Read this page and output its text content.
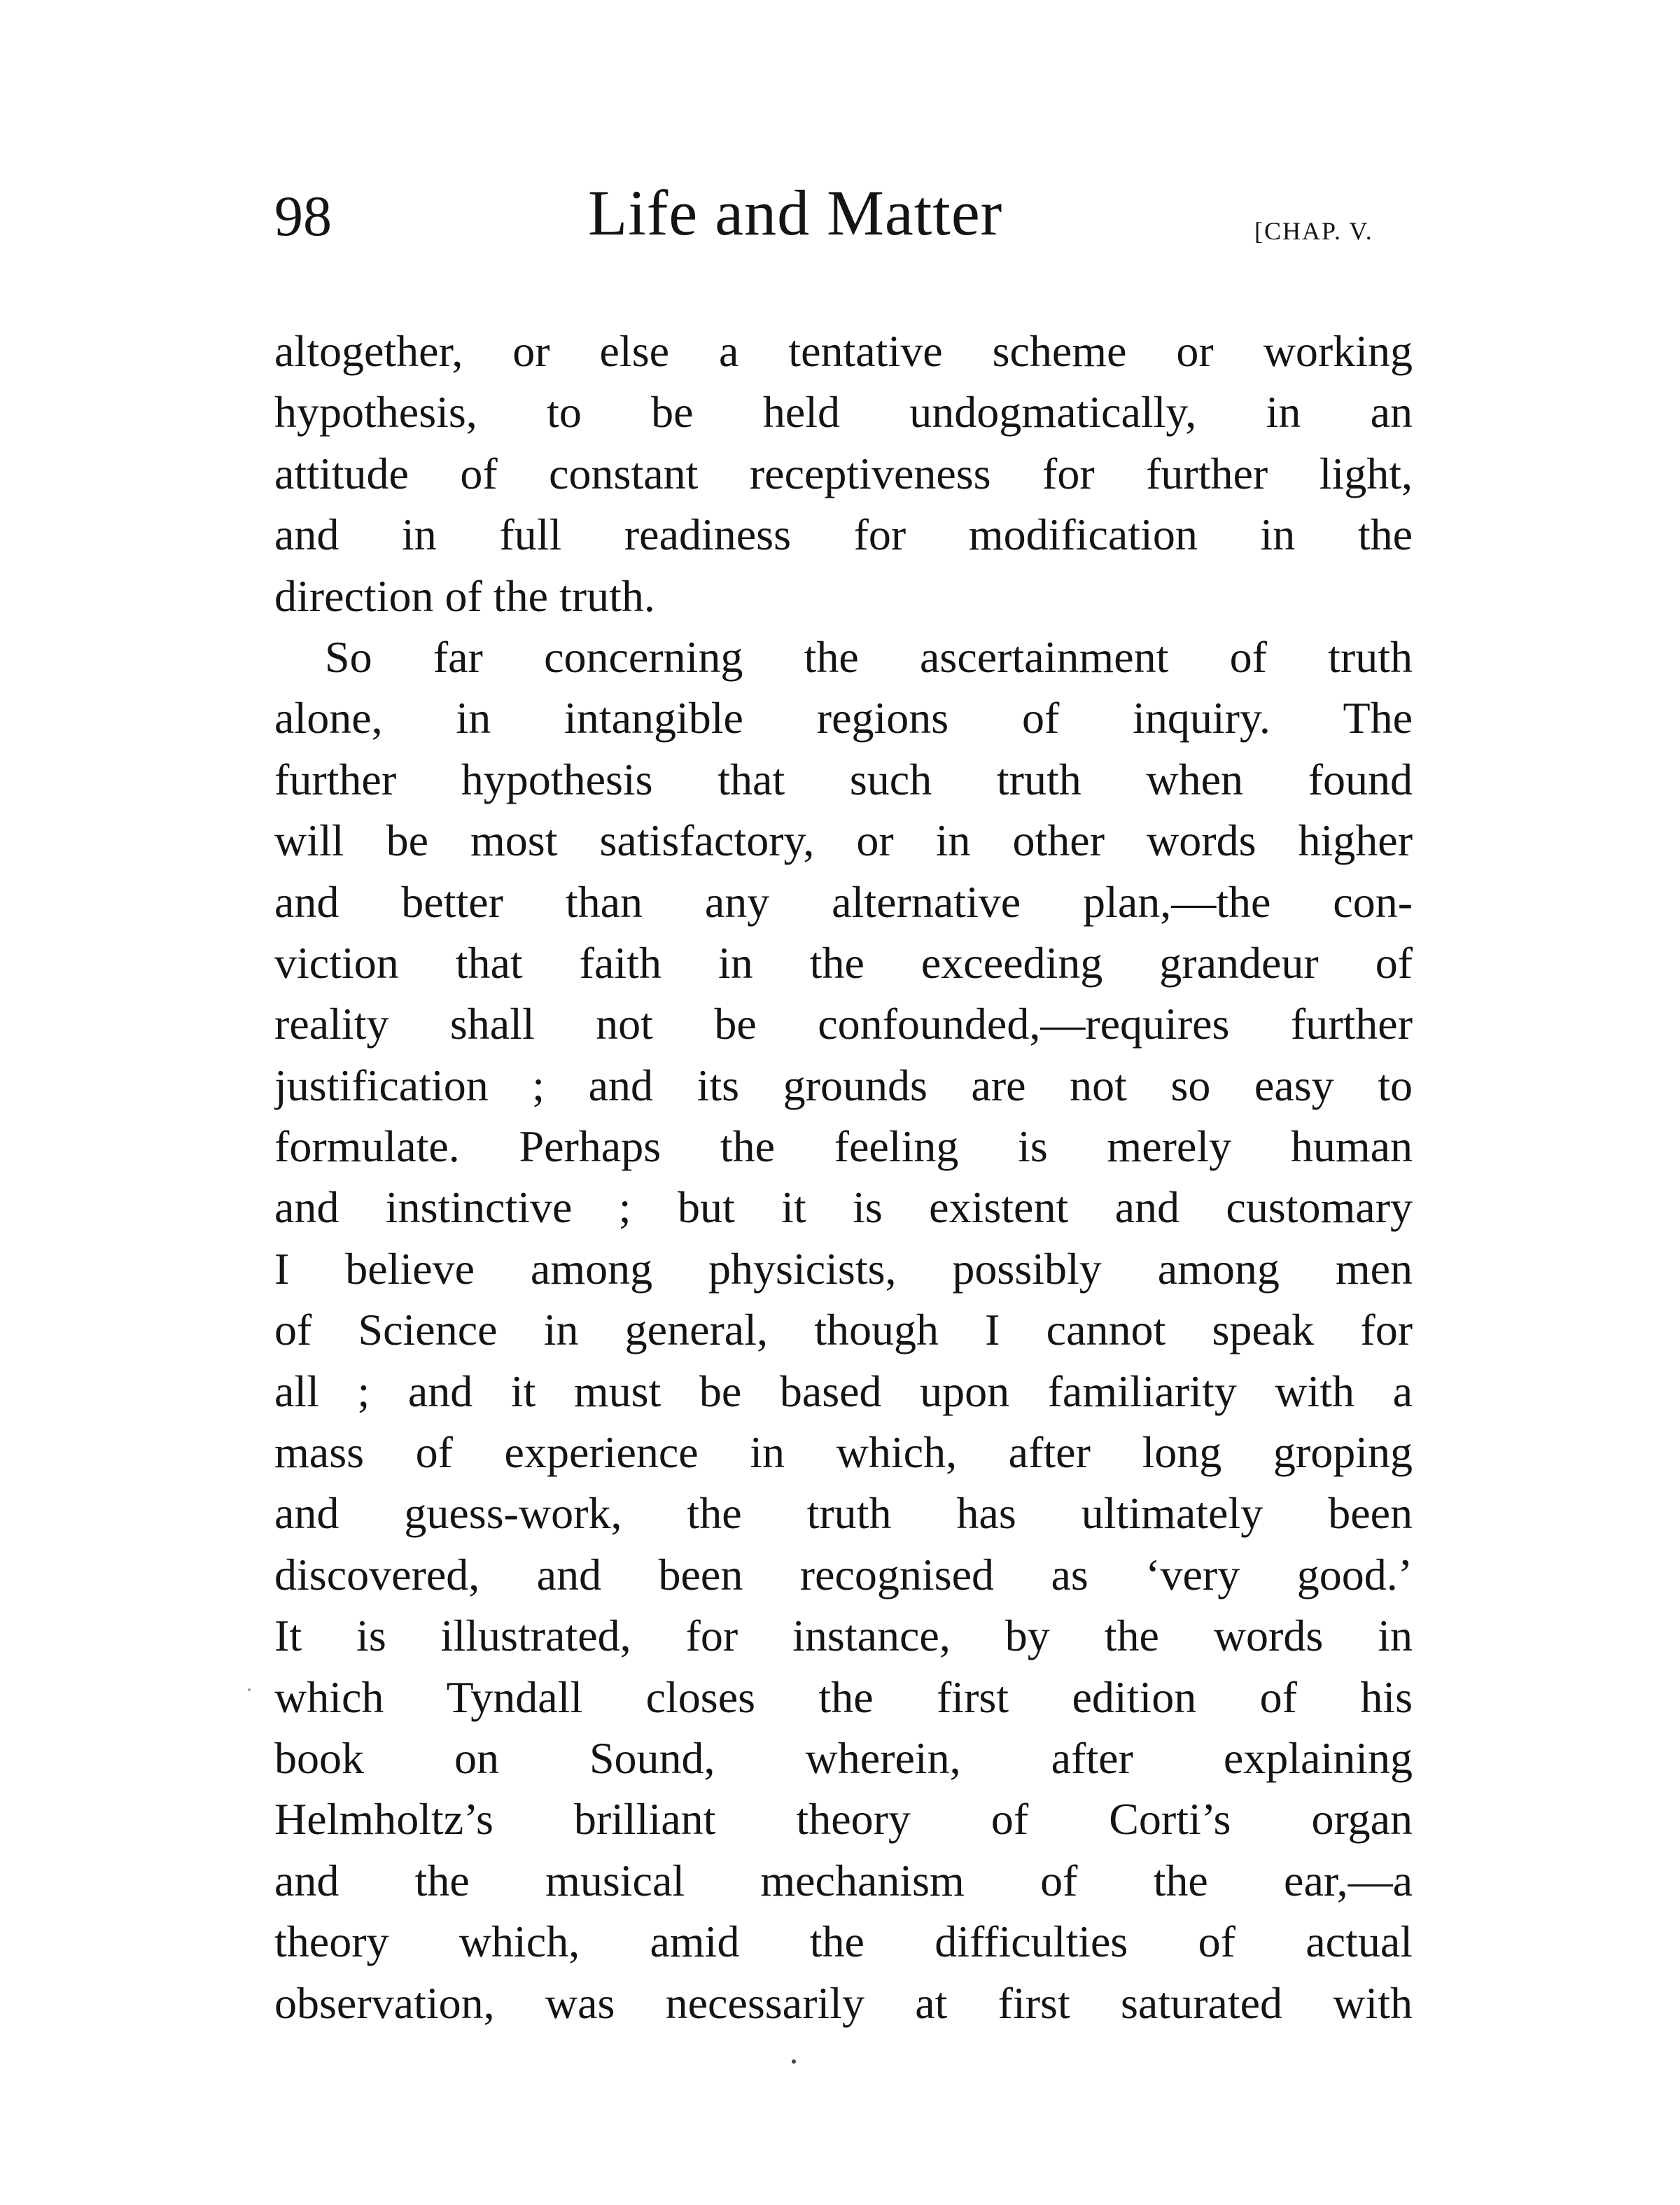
98	Life and Matter	[CHAP. V.
altogether, or else a tentative scheme or working
hypothesis, to be held undogmatically, in an
attitude of constant receptiveness for further light,
and in full readiness for modification in the
direction of the truth.
So far concerning the ascertainment of truth
alone, in intangible regions of inquiry. The
further hypothesis that such truth when found
will be most satisfactory, or in other words higher
and better than any alternative plan,—the con-
viction that faith in the exceeding grandeur of
reality shall not be confounded,—requires further
justification ; and its grounds are not so easy to
formulate. Perhaps the feeling is merely human
and instinctive ; but it is existent and customary
I believe among physicists, possibly among men
of Science in general, though I cannot speak for
all ; and it must be based upon familiarity with a
mass of experience in which, after long groping
and guess-work, the truth has ultimately been
discovered, and been recognised as ‘very good.’
It is illustrated, for instance, by the words in
which Tyndall closes the first edition of his
book on Sound, wherein, after explaining
Helmholtz’s brilliant theory of Corti’s organ
and the musical mechanism of the ear,—a
theory which, amid the difficulties of actual
observation, was necessarily at first saturated with
